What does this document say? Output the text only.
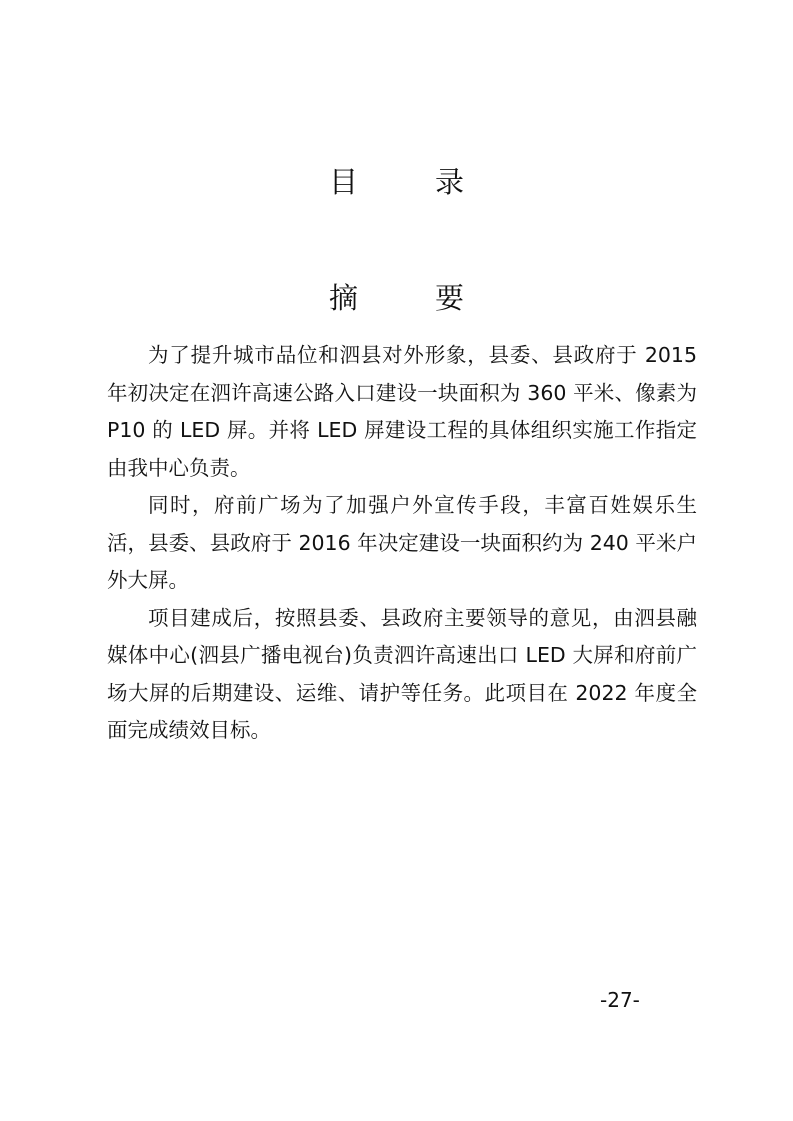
目　录
摘　要

为了提升城市品位和泗县对外形象，县委、县政府于 2015 年初决定在泗许高速公路入口建设一块面积为 360 平米、像素为 P10 的 LED 屏。并将 LED 屏建设工程的具体组织实施工作指定由我中心负责。

同时，府前广场为了加强户外宣传手段，丰富百姓娱乐生活，县委、县政府于 2016 年决定建设一块面积约为 240 平米户外大屏。

项目建成后，按照县委、县政府主要领导的意见，由泗县融媒体中心(泗县广播电视台)负责泗许高速出口 LED 大屏和府前广场大屏的后期建设、运维、请护等任务。此项目在 2022 年度全面完成绩效目标。

-27-
